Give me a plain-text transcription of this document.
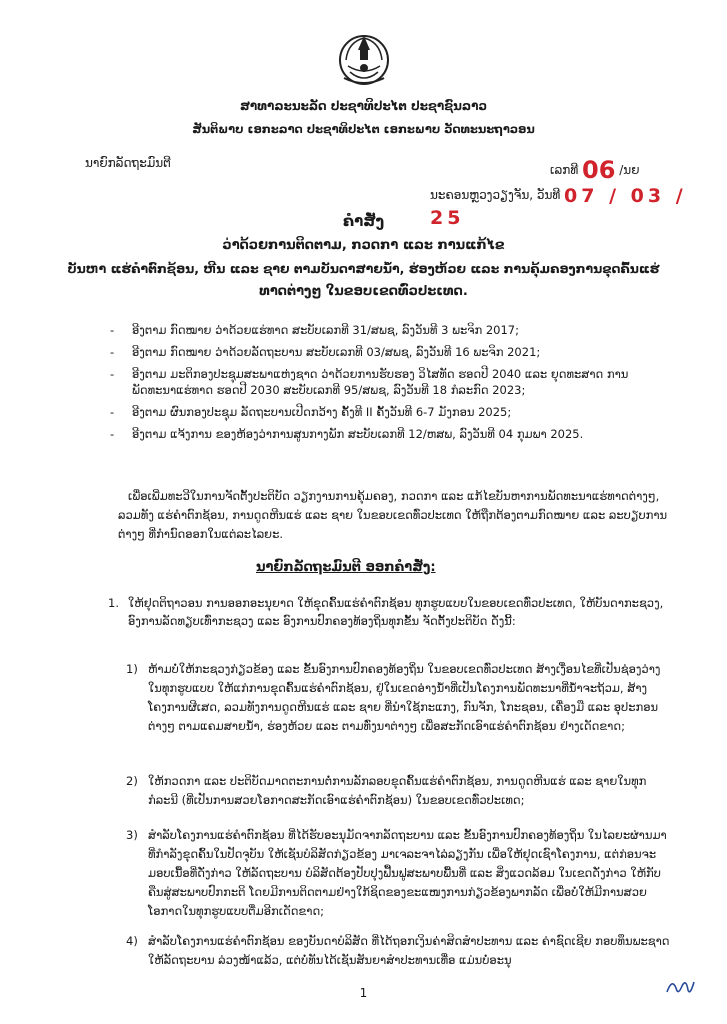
ສາທາລະນະລັດ ປະຊາທິປະໄຕ ປະຊາຊົນລາວ
ສັນຕິພາບ ເອກະລາດ ປະຊາທິປະໄຕ ເອກະພາບ ວັດທະນະຖາວອນ
ນາຍົກລັດຖະມົນຕີ	ເລກທີ 06 /ນຍ
ນະຄອນຫຼວງວຽງຈັນ, ວັນທີ 07 / 03 / 25
ຄຳສັ່ງ
ວ່າດ້ວຍການຕິດຕາມ, ກວດກາ ແລະ ການແກ້ໄຂ
ບັນຫາ ແຮ່ຄຳຕົກຊ້ອນ, ຫີນ ແລະ ຊາຍ ຕາມບັນດາສາຍນ້ຳ, ຮ່ອງຫ້ວຍ ແລະ ການຄຸ້ມຄອງການຂຸດຄົ້ນແຮ່
ທາດຕ່າງໆ ໃນຂອບເຂດທົ່ວປະເທດ.
- ອີງຕາມ ກົດໝາຍ ວ່າດ້ວຍແຮ່ທາດ ສະບັບເລກທີ 31/ສພຊ, ລົງວັນທີ 3 ພະຈິກ 2017;
- ອີງຕາມ ກົດໝາຍ ວ່າດ້ວຍລັດຖະບານ ສະບັບເລກທີ 03/ສພຊ, ລົງວັນທີ 16 ພະຈິກ 2021;
- ອີງຕາມ ມະຕິກອງປະຊຸມສະພາແຫ່ງຊາດ ວ່າດ້ວຍການຮັບຮອງ ວິໄສທັດ ຮອດປີ 2040 ແລະ ຍຸດທະສາດ ການພັດທະນາແຮ່ທາດ ຮອດປີ 2030 ສະບັບເລກທີ 95/ສພຊ, ລົງວັນທີ 18 ກໍລະກົດ 2023;
- ອີງຕາມ ຜົນກອງປະຊຸມ ລັດຖະບານເປີດກວ້າງ ຄັ້ງທີ II ຄັ້ງວັນທີ 6-7 ມັງກອນ 2025;
- ອີງຕາມ ແຈ້ງການ ຂອງຫ້ອງວ່າການສູນກາງພັກ ສະບັບເລກທີ 12/ຫສພ, ລົງວັນທີ 04 ກຸມພາ 2025.
ເພື່ອເພີ່ມທະວີໃນການຈັດຕັ້ງປະຕິບັດ ວຽກງານການຄຸ້ມຄອງ, ກວດກາ ແລະ ແກ້ໄຂບັນຫາການພັດທະນາແຮ່ທາດຕ່າງໆ, ລວມທັງ ແຮ່ຄຳຕົກຊ້ອນ, ການດູດຫີນແຮ່ ແລະ ຊາຍ ໃນຂອບເຂດທົ່ວປະເທດ ໃຫ້ຖືກຕ້ອງຕາມກົດໝາຍ ແລະ ລະບຽບການຕ່າງໆ ທີ່ກຳນົດອອກໃນແຕ່ລະໄລຍະ.
ນາຍົກລັດຖະມົນຕີ ອອກຄຳສັ່ງ:
1. ໃຫ້ຢຸດຕິຖາວອນ ການອອກອະນຸຍາດ ໃຫ້ຂຸດຄົ້ນແຮ່ຄຳຕົກຊ້ອນ ທຸກຮູບແບບໃນຂອບເຂດທົ່ວປະເທດ, ໃຫ້ບັນດາກະຊວງ, ອົງການລັດທຽບເທົ່າກະຊວງ ແລະ ອົງການປົກຄອງທ້ອງຖິ່ນທຸກຂັ້ນ ຈັດຕັ້ງປະຕິບັດ ດັ່ງນີ້:
1) ຫ້າມບໍ່ໃຫ້ກະຊວງກ່ຽວຂ້ອງ ແລະ ຂັ້ນອົງການປົກຄອງທ້ອງຖິ່ນ ໃນຂອບເຂດທົ່ວປະເທດ ສ້າງເງື່ອນໄຂທີ່ເປັນຊ່ອງວ່າງ ໃນທຸກຮູບແບບ ໃຫ້ແກ່ການຂຸດຄົ້ນແຮ່ຄຳຕົກຊ້ອນ, ຢູ່ໃນເຂດອ່າງນ້ຳທີ່ເປັນໂຄງການພັດທະນາທີ່ນ້ຳຈະຖ້ວມ, ສ້າງໂຄງການຜີເສດ, ລວມທັງການດູດຫີນແຮ່ ແລະ ຊາຍ ທີ່ນຳໃຊ້ກະແກງ, ກົນຈັກ, ໂກະຊອນ, ເຄື່ອງມື ແລະ ອຸປະກອນຕ່າງໆ ຕາມແຄມສາຍນ້ຳ, ຮ່ອງຫ້ວຍ ແລະ ຕາມທົ່ງນາຕ່າງໆ ເພື່ອສະກັດເອົາແຮ່ຄຳຕົກຊ້ອນ ຢ່າງເດັດຂາດ;
2) ໃຫ້ກວດກາ ແລະ ປະຕິບັດມາດຕະການຕໍ່ການລັກລອບຂຸດຄົ້ນແຮ່ຄຳຕົກຊ້ອນ, ການດູດຫີນແຮ່ ແລະ ຊາຍໃນທຸກກໍລະນີ (ທີ່ເປັນການສວຍໂອກາດສະກັດເອົາແຮ່ຄຳຕົກຊ້ອນ) ໃນຂອບເຂດທົ່ວປະເທດ;
3) ສຳລັບໂຄງການແຮ່ຄຳຕົກຊ້ອນ ທີ່ໄດ້ຮັບອະນຸມັດຈາກລັດຖະບານ ແລະ ຂັ້ນອົງການປົກຄອງທ້ອງຖິ່ນ ໃນໄລຍະຜ່ານມາ ທີ່ກຳລັງຂຸດຄົ້ນໃນປັດຈຸບັນ ໃຫ້ເຊັນບໍລິສັດກ່ຽວຂ້ອງ ມາເຈລະຈາໄລ່ລຽງກັນ ເພື່ອໃຫ້ຢຸດເຊົາໂຄງການ, ແຕ່ກ່ອນຈະມອບເນື້ອທີ່ດັ່ງກ່າວ ໃຫ້ລັດຖະບານ ບໍລິສັດຕ້ອງປັບປຸງຟື້ນຟູສະພາບພື້ນທີ່ ແລະ ສິ່ງແວດລ້ອມ ໃນເຂດດັ່ງກ່າວ ໃຫ້ກັບຄືນສູ່ສະພາບປົກກະຕິ ໂດຍມີການຕິດຕາມຢ່າງໃກ້ຊິດຂອງຂະແໜງການກ່ຽວຂ້ອງພາກລັດ ເພື່ອບໍ່ໃຫ້ມີການສວຍໂອກາດໃນທຸກຮູບແບບຕື່ມອີກເດັດຂາດ;
4) ສຳລັບໂຄງການແຮ່ຄຳຕົກຊ້ອນ ຂອງບັນດາບໍລິສັດ ທີ່ໄດ້ຖອກເງິນຄ່າສິດສຳປະທານ ແລະ ຄ່າຊົດເຊີຍ ກອບທຶນພະຊາດ ໃຫ້ລັດຖະບານ ລ່ວງໜ້າແລ້ວ, ແຕ່ບໍ່ທັນໄດ້ເຊັນສັນຍາສຳປະທານເທື່ອ ແມ່ນບໍ່ອະນຸ
1
